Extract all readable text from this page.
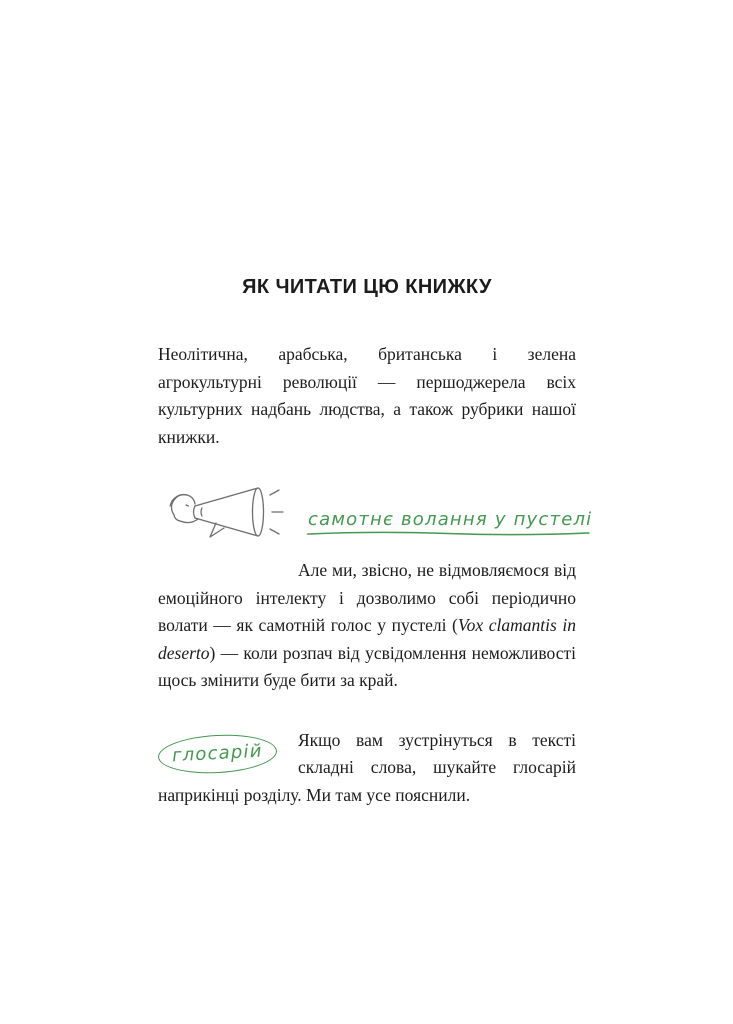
ЯК ЧИТАТИ ЦЮ КНИЖКУ

Неолітична, арабська, британська і зелена агрокультурні революції — першоджерела всіх культурних надбань людства, а також рубрики нашої книжки.

самотнє волання у пустелі

Але ми, звісно, не відмовляємося від емоційного інтелекту і дозволимо собі періодично волати — як самотній голос у пустелі (Vox clamantis in deserto) — коли розпач від усвідомлення неможливості щось змінити буде бити за край.

глосарій

Якщо вам зустрінуться в тексті складні слова, шукайте глосарій наприкінці розділу. Ми там усе пояснили.
